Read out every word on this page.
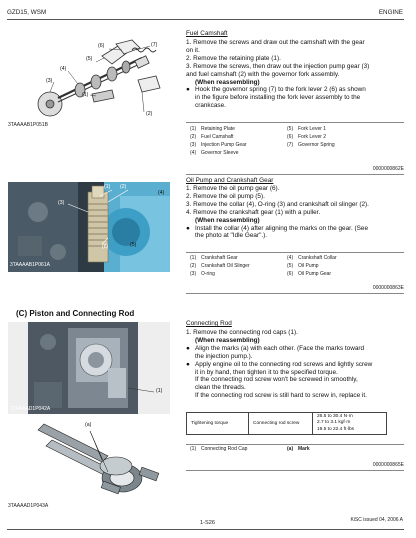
GZD15, WSM	ENGINE
(6)	(7)
(5)
(4)
(3)
(1)
(2)
3TAAAAB1P051B
Fuel Camshaft
1. Remove the screws and draw out the camshaft with the gear
on it.
2. Remove the retaining plate (1).
3. Remove the screws, then draw out the injection pump gear (3)
and fuel camshaft (2) with the governor fork assembly.
(When reassembling)
● Hook the governor spring (7) to the fork lever 2 (6) as shown
in the figure before installing the fork lever assembly to the
crankcase.
(1) Retaining Plate	(5) Fork Lever 1
(2) Fuel Camshaft	(6) Fork Lever 2
(3) Injection Pump Gear	(7) Governor Spring
(4) Governor Sleeve
0000000862E
(1) (2)
(3)
(5)
(6)
(4)
3TAAAAB1P061A
Oil Pump and Crankshaft Gear
1. Remove the oil pump gear (6).
2. Remove the oil pump (5).
3. Remove the collar (4), O-ring (3) and crankshaft oil slinger (2).
4. Remove the crankshaft gear (1) with a puller.
(When reassembling)
● Install the collar (4) after aligning the marks on the gear. (See
the photo at "Idle Gear".).
(1) Crankshaft Gear	(4) Crankshaft Collar
(2) Crankshaft Oil Slinger	(5) Oil Pump
(3) O-ring	(6) Oil Pump Gear
0000000863E
(C) Piston and Connecting Rod
(1)
3TAAAAD1P042A
(a)
3TAAAAD1P043A
Connecting Rod
1. Remove the connecting rod caps (1).
(When reassembling)
● Align the marks (a) with each other. (Face the marks toward
the injection pump.).
● Apply engine oil to the connecting rod screws and lightly screw
it in by hand, then tighten it to the specified torque.
If the connecting rod screw won't be screwed in smoothly,
clean the threads.
If the connecting rod screw is still hard to screw in, replace it.
Tightening torque	Connecting rod screw	
26.5 to 30.4 N·m
2.7 to 3.1 kgf·m
19.5 to 22.4 ft·lbs
(1) Connecting Rod Cap	(a) Mark
0000000865E
1-S26	KiSC issued 04, 2006 A
